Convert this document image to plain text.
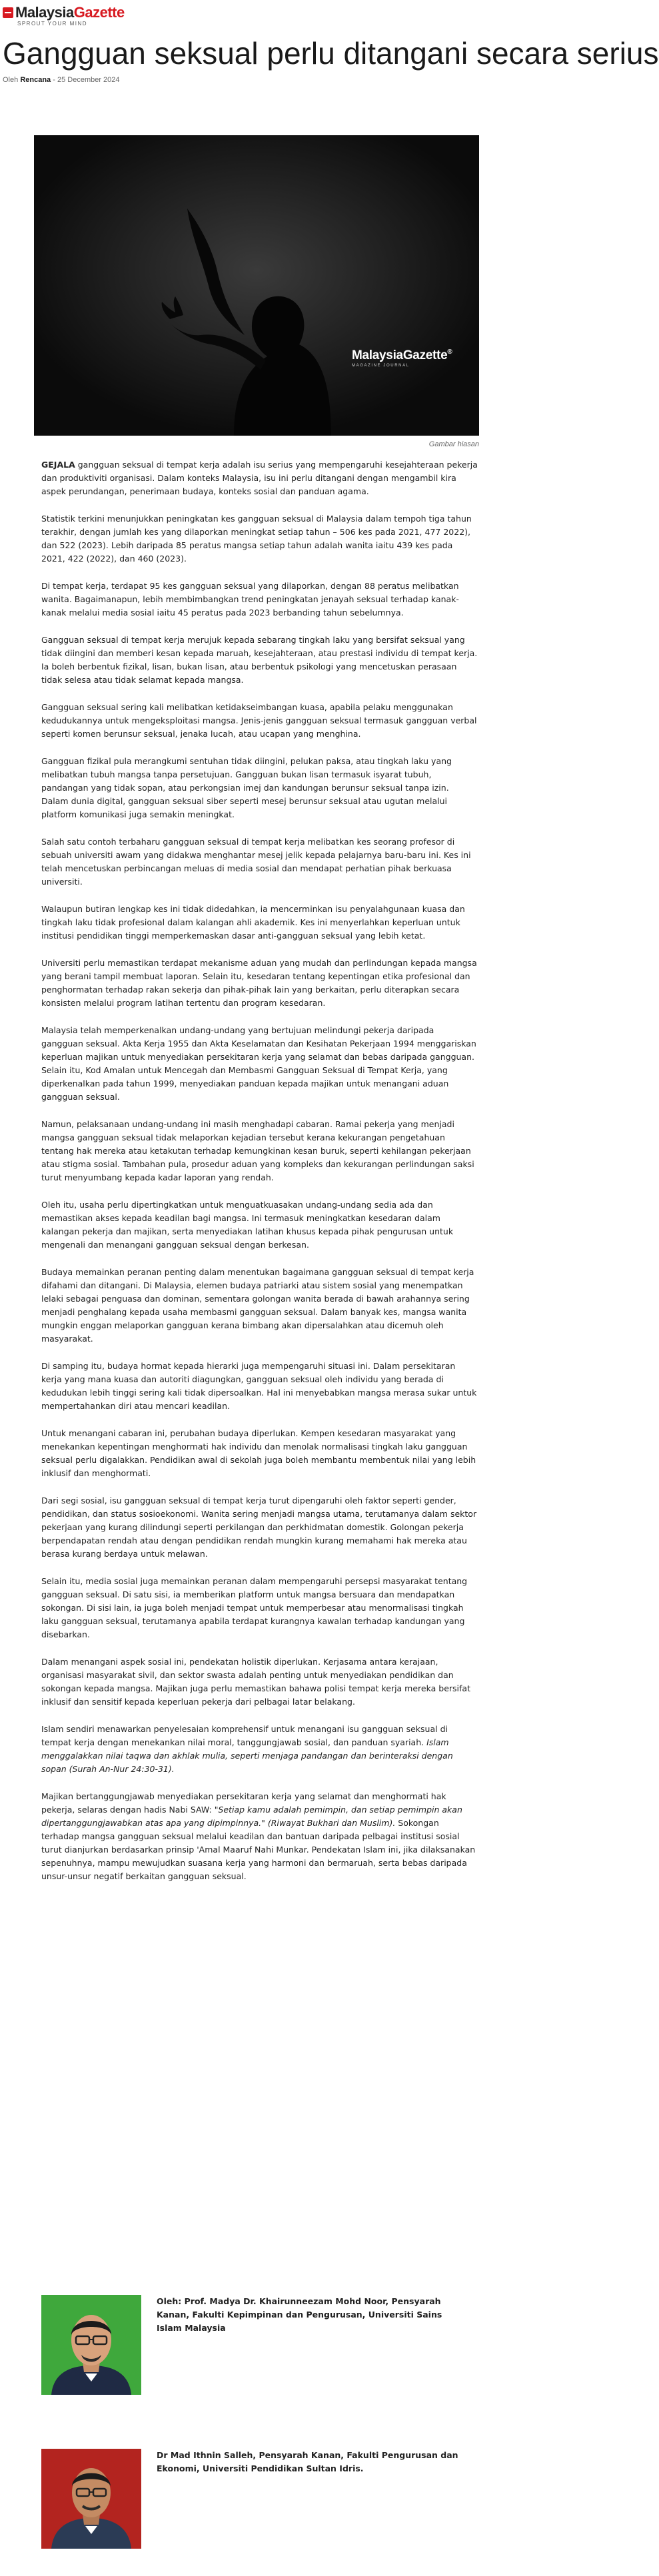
MalaysiaGazette
SPROUT YOUR MIND
Gangguan seksual perlu ditangani secara serius
Oleh Rencana - 25 December 2024
MalaysiaGazette®
MAGAZINE JOURNAL
Gambar hiasan

GEJALA gangguan seksual di tempat kerja adalah isu serius yang mempengaruhi kesejahteraan pekerja dan produktiviti organisasi. Dalam konteks Malaysia, isu ini perlu ditangani dengan mengambil kira aspek perundangan, penerimaan budaya, konteks sosial dan panduan agama.

Statistik terkini menunjukkan peningkatan kes gangguan seksual di Malaysia dalam tempoh tiga tahun terakhir, dengan jumlah kes yang dilaporkan meningkat setiap tahun – 506 kes pada 2021, 477 2022), dan 522 (2023). Lebih daripada 85 peratus mangsa setiap tahun adalah wanita iaitu 439 kes pada 2021, 422 (2022), dan 460 (2023).

Di tempat kerja, terdapat 95 kes gangguan seksual yang dilaporkan, dengan 88 peratus melibatkan wanita. Bagaimanapun, lebih membimbangkan trend peningkatan jenayah seksual terhadap kanak-kanak melalui media sosial iaitu 45 peratus pada 2023 berbanding tahun sebelumnya.

Gangguan seksual di tempat kerja merujuk kepada sebarang tingkah laku yang bersifat seksual yang tidak diingini dan memberi kesan kepada maruah, kesejahteraan, atau prestasi individu di tempat kerja. Ia boleh berbentuk fizikal, lisan, bukan lisan, atau berbentuk psikologi yang mencetuskan perasaan tidak selesa atau tidak selamat kepada mangsa.

Gangguan seksual sering kali melibatkan ketidakseimbangan kuasa, apabila pelaku menggunakan kedudukannya untuk mengeksploitasi mangsa. Jenis-jenis gangguan seksual termasuk gangguan verbal seperti komen berunsur seksual, jenaka lucah, atau ucapan yang menghina.

Gangguan fizikal pula merangkumi sentuhan tidak diingini, pelukan paksa, atau tingkah laku yang melibatkan tubuh mangsa tanpa persetujuan. Gangguan bukan lisan termasuk isyarat tubuh, pandangan yang tidak sopan, atau perkongsian imej dan kandungan berunsur seksual tanpa izin. Dalam dunia digital, gangguan seksual siber seperti mesej berunsur seksual atau ugutan melalui platform komunikasi juga semakin meningkat.

Salah satu contoh terbaharu gangguan seksual di tempat kerja melibatkan kes seorang profesor di sebuah universiti awam yang didakwa menghantar mesej jelik kepada pelajarnya baru-baru ini. Kes ini telah mencetuskan perbincangan meluas di media sosial dan mendapat perhatian pihak berkuasa universiti.

Walaupun butiran lengkap kes ini tidak didedahkan, ia mencerminkan isu penyalahgunaan kuasa dan tingkah laku tidak profesional dalam kalangan ahli akademik. Kes ini menyerlahkan keperluan untuk institusi pendidikan tinggi memperkemaskan dasar anti-gangguan seksual yang lebih ketat.

Universiti perlu memastikan terdapat mekanisme aduan yang mudah dan perlindungan kepada mangsa yang berani tampil membuat laporan. Selain itu, kesedaran tentang kepentingan etika profesional dan penghormatan terhadap rakan sekerja dan pihak-pihak lain yang berkaitan, perlu diterapkan secara konsisten melalui program latihan tertentu dan program kesedaran.

Malaysia telah memperkenalkan undang-undang yang bertujuan melindungi pekerja daripada gangguan seksual. Akta Kerja 1955 dan Akta Keselamatan dan Kesihatan Pekerjaan 1994 menggariskan keperluan majikan untuk menyediakan persekitaran kerja yang selamat dan bebas daripada gangguan. Selain itu, Kod Amalan untuk Mencegah dan Membasmi Gangguan Seksual di Tempat Kerja, yang diperkenalkan pada tahun 1999, menyediakan panduan kepada majikan untuk menangani aduan gangguan seksual.

Namun, pelaksanaan undang-undang ini masih menghadapi cabaran. Ramai pekerja yang menjadi mangsa gangguan seksual tidak melaporkan kejadian tersebut kerana kekurangan pengetahuan tentang hak mereka atau ketakutan terhadap kemungkinan kesan buruk, seperti kehilangan pekerjaan atau stigma sosial. Tambahan pula, prosedur aduan yang kompleks dan kekurangan perlindungan saksi turut menyumbang kepada kadar laporan yang rendah.

Oleh itu, usaha perlu dipertingkatkan untuk menguatkuasakan undang-undang sedia ada dan memastikan akses kepada keadilan bagi mangsa. Ini termasuk meningkatkan kesedaran dalam kalangan pekerja dan majikan, serta menyediakan latihan khusus kepada pihak pengurusan untuk mengenali dan menangani gangguan seksual dengan berkesan.

Budaya memainkan peranan penting dalam menentukan bagaimana gangguan seksual di tempat kerja difahami dan ditangani. Di Malaysia, elemen budaya patriarki atau sistem sosial yang menempatkan lelaki sebagai penguasa dan dominan, sementara golongan wanita berada di bawah arahannya sering menjadi penghalang kepada usaha membasmi gangguan seksual. Dalam banyak kes, mangsa wanita mungkin enggan melaporkan gangguan kerana bimbang akan dipersalahkan atau dicemuh oleh masyarakat.

Di samping itu, budaya hormat kepada hierarki juga mempengaruhi situasi ini. Dalam persekitaran kerja yang mana kuasa dan autoriti diagungkan, gangguan seksual oleh individu yang berada di kedudukan lebih tinggi sering kali tidak dipersoalkan. Hal ini menyebabkan mangsa merasa sukar untuk mempertahankan diri atau mencari keadilan.

Untuk menangani cabaran ini, perubahan budaya diperlukan. Kempen kesedaran masyarakat yang menekankan kepentingan menghormati hak individu dan menolak normalisasi tingkah laku gangguan seksual perlu digalakkan. Pendidikan awal di sekolah juga boleh membantu membentuk nilai yang lebih inklusif dan menghormati.

Dari segi sosial, isu gangguan seksual di tempat kerja turut dipengaruhi oleh faktor seperti gender, pendidikan, dan status sosioekonomi. Wanita sering menjadi mangsa utama, terutamanya dalam sektor pekerjaan yang kurang dilindungi seperti perkilangan dan perkhidmatan domestik. Golongan pekerja berpendapatan rendah atau dengan pendidikan rendah mungkin kurang memahami hak mereka atau berasa kurang berdaya untuk melawan.

Selain itu, media sosial juga memainkan peranan dalam mempengaruhi persepsi masyarakat tentang gangguan seksual. Di satu sisi, ia memberikan platform untuk mangsa bersuara dan mendapatkan sokongan. Di sisi lain, ia juga boleh menjadi tempat untuk memperbesar atau menormalisasi tingkah laku gangguan seksual, terutamanya apabila terdapat kurangnya kawalan terhadap kandungan yang disebarkan.

Dalam menangani aspek sosial ini, pendekatan holistik diperlukan. Kerjasama antara kerajaan, organisasi masyarakat sivil, dan sektor swasta adalah penting untuk menyediakan pendidikan dan sokongan kepada mangsa. Majikan juga perlu memastikan bahawa polisi tempat kerja mereka bersifat inklusif dan sensitif kepada keperluan pekerja dari pelbagai latar belakang.

Islam sendiri menawarkan penyelesaian komprehensif untuk menangani isu gangguan seksual di tempat kerja dengan menekankan nilai moral, tanggungjawab sosial, dan panduan syariah. Islam menggalakkan nilai taqwa dan akhlak mulia, seperti menjaga pandangan dan berinteraksi dengan sopan (Surah An-Nur 24:30-31).

Majikan bertanggungjawab menyediakan persekitaran kerja yang selamat dan menghormati hak pekerja, selaras dengan hadis Nabi SAW: "Setiap kamu adalah pemimpin, dan setiap pemimpin akan dipertanggungjawabkan atas apa yang dipimpinnya." (Riwayat Bukhari dan Muslim). Sokongan terhadap mangsa gangguan seksual melalui keadilan dan bantuan daripada pelbagai institusi sosial turut dianjurkan berdasarkan prinsip 'Amal Maaruf Nahi Munkar. Pendekatan Islam ini, jika dilaksanakan sepenuhnya, mampu mewujudkan suasana kerja yang harmoni dan bermaruah, serta bebas daripada unsur-unsur negatif berkaitan gangguan seksual.

Oleh: Prof. Madya Dr. Khairunneezam Mohd Noor, Pensyarah Kanan, Fakulti Kepimpinan dan Pengurusan, Universiti Sains Islam Malaysia
Dr Mad Ithnin Salleh, Pensyarah Kanan, Fakulti Pengurusan dan Ekonomi, Universiti Pendidikan Sultan Idris.
